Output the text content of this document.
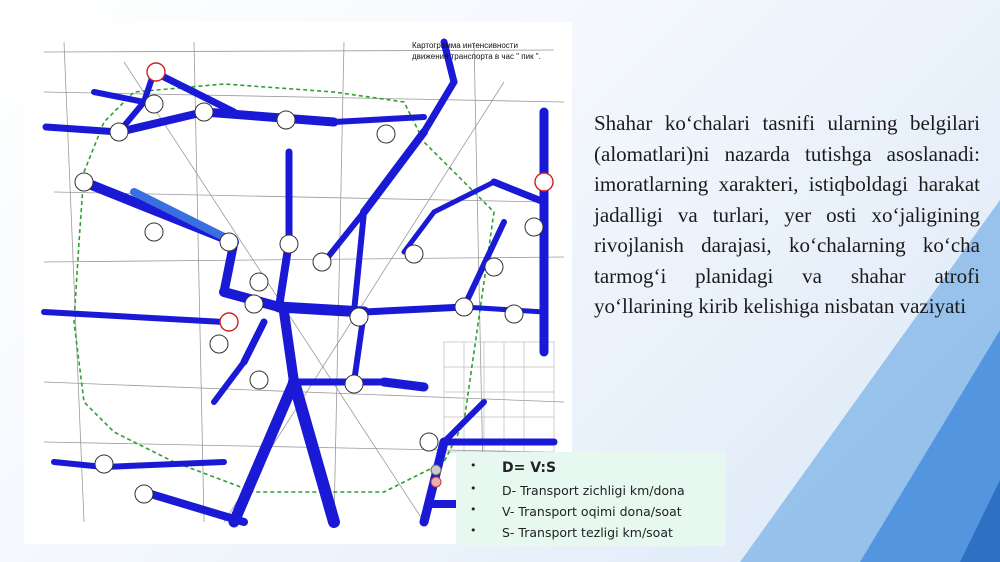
Картограмма интенсивности
движения транспорта в час " пик ".
Shahar ko‘chalari tasnifi ularning belgilari (alomatlari)ni nazarda tutishga asoslanadi: imoratlarning xarakteri, istiqboldagi harakat jadalligi va turlari, yer osti xo‘jaligining rivojlanish darajasi, ko‘chalarning ko‘cha tarmog‘i planidagi va shahar atrofi yo‘llarining kirib kelishiga nisbatan vaziyati
• D= V:S
• D- Transport zichligi km/dona
• V- Transport oqimi dona/soat
• S- Transport tezligi km/soat
